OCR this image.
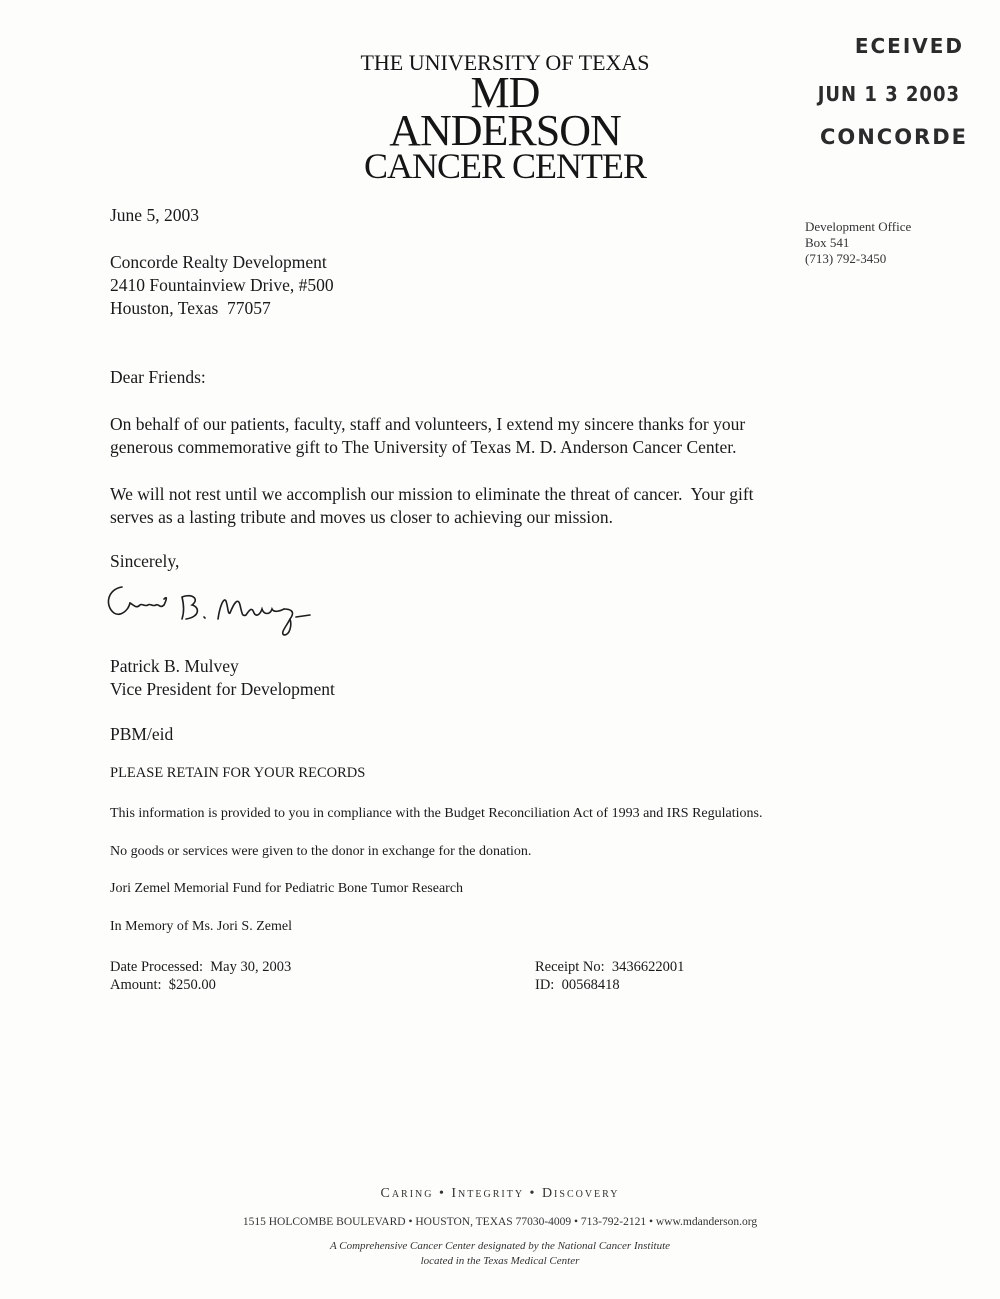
THE UNIVERSITY OF TEXAS
MD ANDERSON
CANCER CENTER
ECEIVED
JUN 1 3 2003
CONCORDE
Development Office
Box 541
(713) 792-3450
June 5, 2003
Concorde Realty Development
2410 Fountainview Drive, #500
Houston, Texas  77057
Dear Friends:
On behalf of our patients, faculty, staff and volunteers, I extend my sincere thanks for your
generous commemorative gift to The University of Texas M. D. Anderson Cancer Center.
We will not rest until we accomplish our mission to eliminate the threat of cancer.  Your gift
serves as a lasting tribute and moves us closer to achieving our mission.
Sincerely,
Patrick B. Mulvey
Vice President for Development
PBM/eid
PLEASE RETAIN FOR YOUR RECORDS
This information is provided to you in compliance with the Budget Reconciliation Act of 1993 and IRS Regulations.
No goods or services were given to the donor in exchange for the donation.
Jori Zemel Memorial Fund for Pediatric Bone Tumor Research
In Memory of Ms. Jori S. Zemel
Date Processed:  May 30, 2003
Amount:  $250.00
Receipt No:  3436622001
ID:  00568418
Caring • Integrity • Discovery
1515 HOLCOMBE BOULEVARD • HOUSTON, TEXAS 77030-4009 • 713-792-2121 • www.mdanderson.org
A Comprehensive Cancer Center designated by the National Cancer Institute
located in the Texas Medical Center
